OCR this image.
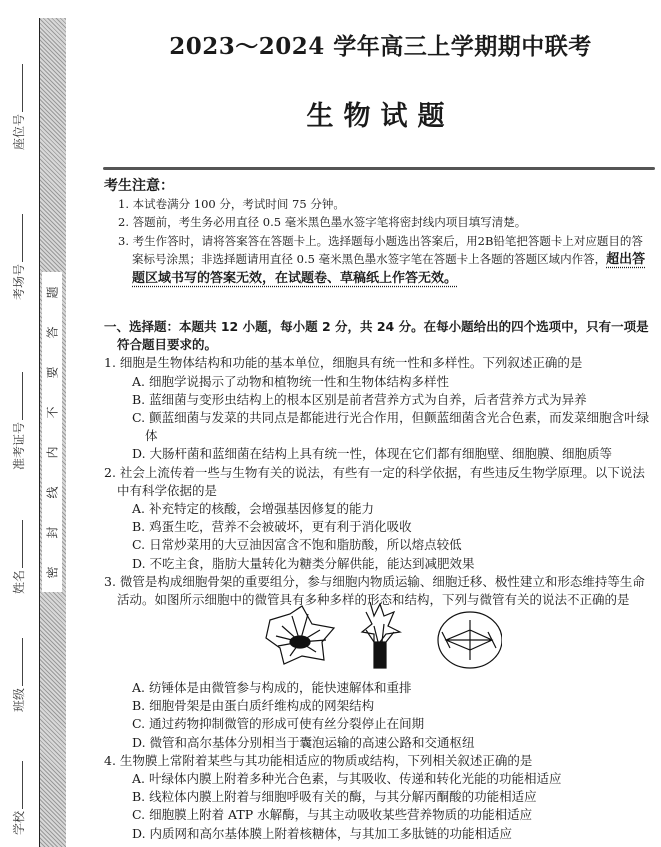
学校
班级
姓名
准考证号
考场号
座位号
密
封
线
内
不
要
答
题
2023～2024 学年高三上学期期中联考
生物试题
考生注意：
1. 本试卷满分 100 分，考试时间 75 分钟。
2. 答题前，考生务必用直径 0.5 毫米黑色墨水签字笔将密封线内项目填写清楚。
3. 考生作答时，请将答案答在答题卡上。选择题每小题选出答案后，用2B铅笔把答题卡上对应题目的答案标号涂黑；非选择题请用直径 0.5 毫米黑色墨水签字笔在答题卡上各题的答题区域内作答，超出答题区域书写的答案无效，在试题卷、草稿纸上作答无效。
一、选择题：本题共 12 小题，每小题 2 分，共 24 分。在每小题给出的四个选项中，只有一项是符合题目要求的。
1. 细胞是生物体结构和功能的基本单位，细胞具有统一性和多样性。下列叙述正确的是
A. 细胞学说揭示了动物和植物统一性和生物体结构多样性
B. 蓝细菌与变形虫结构上的根本区别是前者营养方式为自养，后者营养方式为异养
C. 颤蓝细菌与发菜的共同点是都能进行光合作用，但颤蓝细菌含光合色素，而发菜细胞含叶绿体
D. 大肠杆菌和蓝细菌在结构上具有统一性，体现在它们都有细胞壁、细胞膜、细胞质等
2. 社会上流传着一些与生物有关的说法，有些有一定的科学依据，有些违反生物学原理。以下说法中有科学依据的是
A. 补充特定的核酸，会增强基因修复的能力
B. 鸡蛋生吃，营养不会被破坏，更有利于消化吸收
C. 日常炒菜用的大豆油因富含不饱和脂肪酸，所以熔点较低
D. 不吃主食，脂肪大量转化为糖类分解供能，能达到减肥效果
3. 微管是构成细胞骨架的重要组分，参与细胞内物质运输、细胞迁移、极性建立和形态维持等生命活动。如图所示细胞中的微管具有多种多样的形态和结构，下列与微管有关的说法不正确的是
A. 纺锤体是由微管参与构成的，能快速解体和重排
B. 细胞骨架是由蛋白质纤维构成的网架结构
C. 通过药物抑制微管的形成可使有丝分裂停止在间期
D. 微管和高尔基体分别相当于囊泡运输的高速公路和交通枢纽
4. 生物膜上常附着某些与其功能相适应的物质或结构，下列相关叙述正确的是
A. 叶绿体内膜上附着多种光合色素，与其吸收、传递和转化光能的功能相适应
B. 线粒体内膜上附着与细胞呼吸有关的酶，与其分解丙酮酸的功能相适应
C. 细胞膜上附着 ATP 水解酶，与其主动吸收某些营养物质的功能相适应
D. 内质网和高尔基体膜上附着核糖体，与其加工多肽链的功能相适应
